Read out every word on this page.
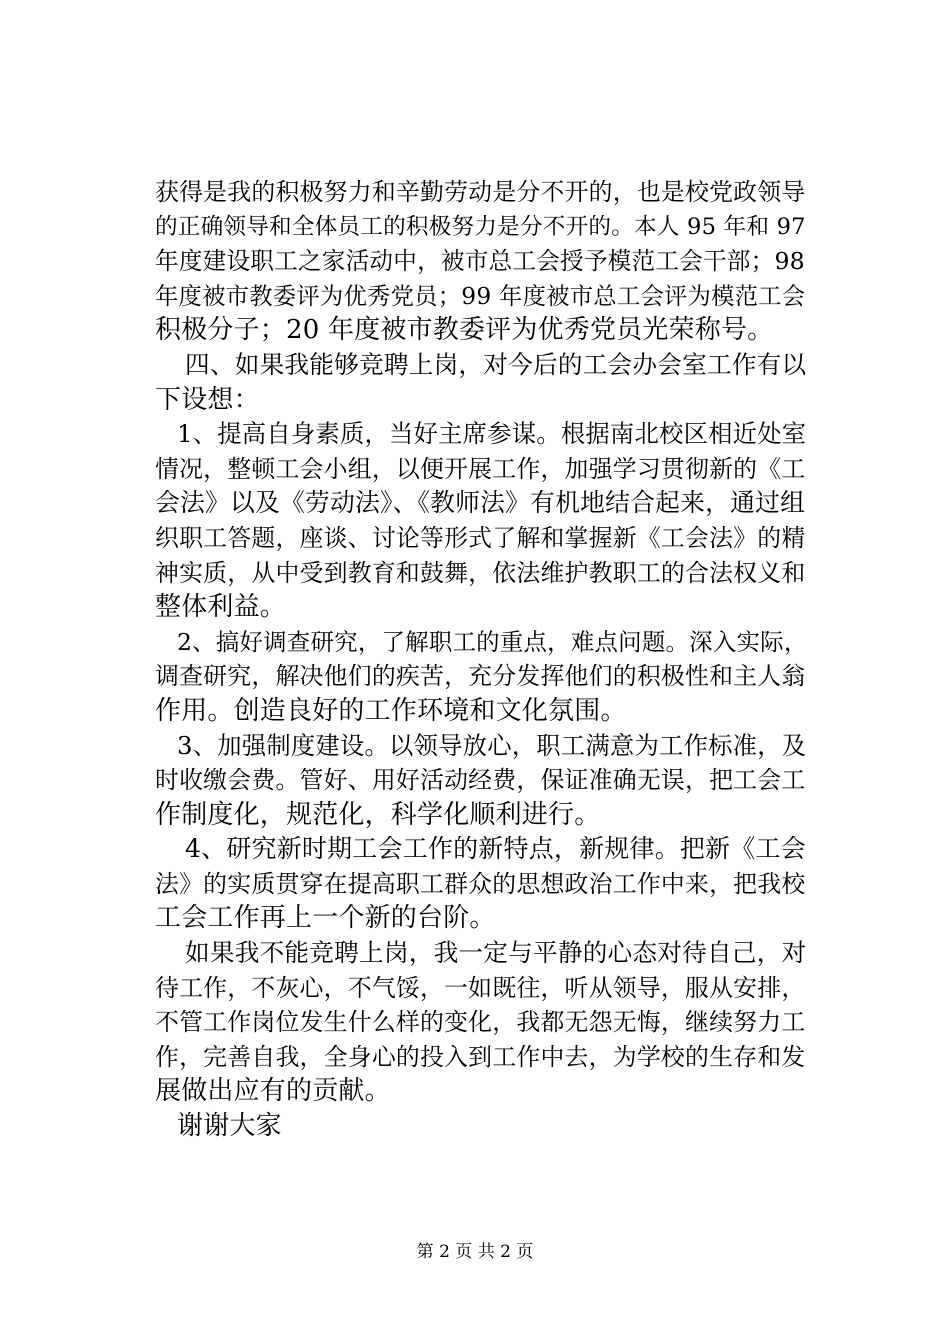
获得是我的积极努力和辛勤劳动是分不开的，也是校党政领导
的正确领导和全体员工的积极努力是分不开的。本人 95 年和 97
年度建设职工之家活动中，被市总工会授予模范工会干部；98
年度被市教委评为优秀党员；99 年度被市总工会评为模范工会
积极分子；20 年度被市教委评为优秀党员光荣称号。
四、如果我能够竞聘上岗，对今后的工会办会室工作有以
下设想：
1、提高自身素质，当好主席参谋。根据南北校区相近处室
情况，整顿工会小组，以便开展工作，加强学习贯彻新的《工
会法》以及《劳动法》、《教师法》有机地结合起来，通过组
织职工答题，座谈、讨论等形式了解和掌握新《工会法》的精
神实质，从中受到教育和鼓舞，依法维护教职工的合法权义和
整体利益。
2、搞好调查研究，了解职工的重点，难点问题。深入实际，
调查研究，解决他们的疾苦，充分发挥他们的积极性和主人翁
作用。创造良好的工作环境和文化氛围。
3、加强制度建设。以领导放心，职工满意为工作标准，及
时收缴会费。管好、用好活动经费，保证准确无误，把工会工
作制度化，规范化，科学化顺利进行。
4、研究新时期工会工作的新特点，新规律。把新《工会
法》的实质贯穿在提高职工群众的思想政治工作中来，把我校
工会工作再上一个新的台阶。
如果我不能竞聘上岗，我一定与平静的心态对待自己，对
待工作，不灰心，不气馁，一如既往，听从领导，服从安排，
不管工作岗位发生什么样的变化，我都无怨无悔，继续努力工
作，完善自我，全身心的投入到工作中去，为学校的生存和发
展做出应有的贡献。
谢谢大家
第 2 页 共 2 页
